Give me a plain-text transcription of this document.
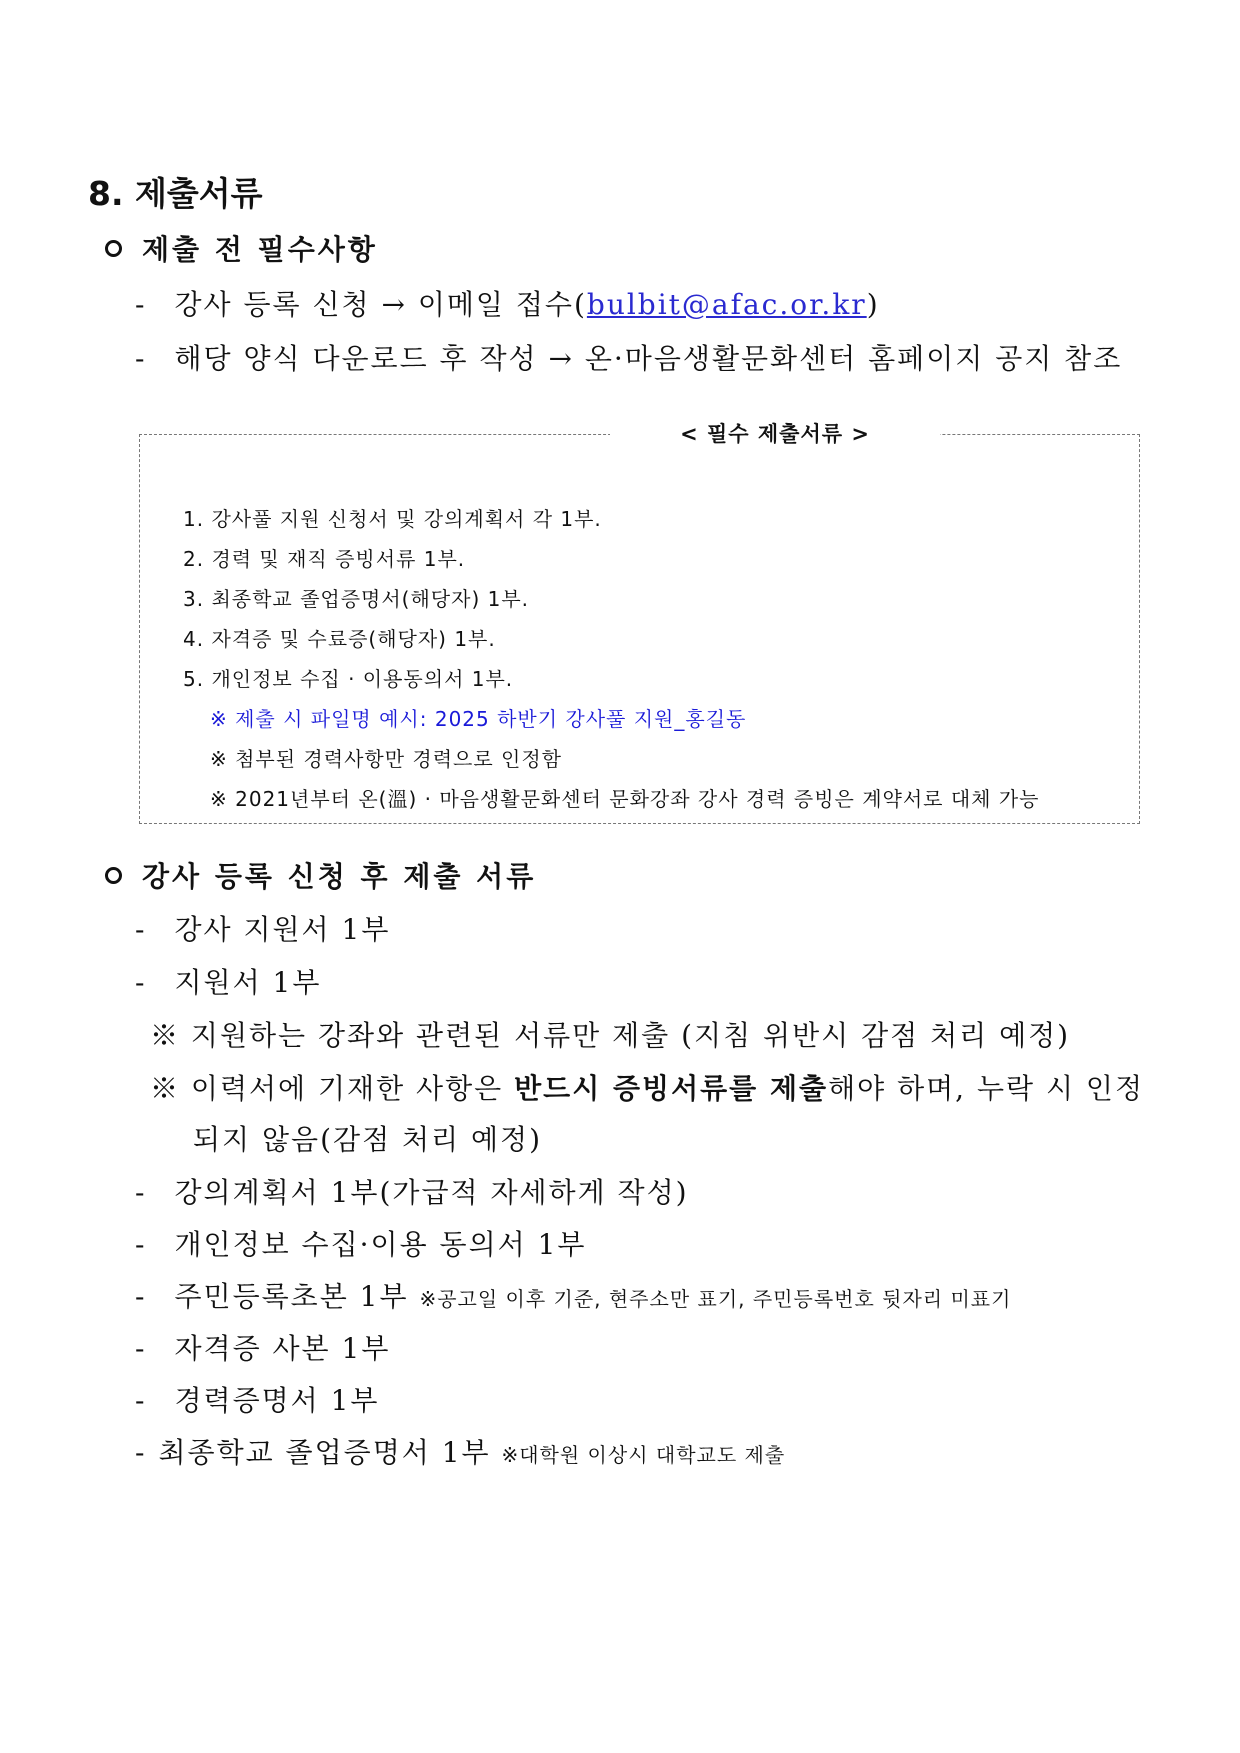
8. 제출서류
제출 전 필수사항
- 강사 등록 신청 → 이메일 접수(bulbit@afac.or.kr)
- 해당 양식 다운로드 후 작성 → 온·마음생활문화센터 홈페이지 공지 참조
< 필수 제출서류 >
1. 강사풀 지원 신청서 및 강의계획서 각 1부.
2. 경력 및 재직 증빙서류 1부.
3. 최종학교 졸업증명서(해당자) 1부.
4. 자격증 및 수료증(해당자) 1부.
5. 개인정보 수집 · 이용동의서 1부.
※ 제출 시 파일명 예시: 2025 하반기 강사풀 지원_홍길동
※ 첨부된 경력사항만 경력으로 인정함
※ 2021년부터 온(溫) · 마음생활문화센터 문화강좌 강사 경력 증빙은 계약서로 대체 가능
강사 등록 신청 후 제출 서류
- 강사 지원서 1부
- 지원서 1부
※ 지원하는 강좌와 관련된 서류만 제출 (지침 위반시 감점 처리 예정)
※ 이력서에 기재한 사항은 반드시 증빙서류를 제출해야 하며, 누락 시 인정
되지 않음(감점 처리 예정)
- 강의계획서 1부(가급적 자세하게 작성)
- 개인정보 수집·이용 동의서 1부
- 주민등록초본 1부 ※공고일 이후 기준, 현주소만 표기, 주민등록번호 뒷자리 미표기
- 자격증 사본 1부
- 경력증명서 1부
- 최종학교 졸업증명서 1부 ※대학원 이상시 대학교도 제출
